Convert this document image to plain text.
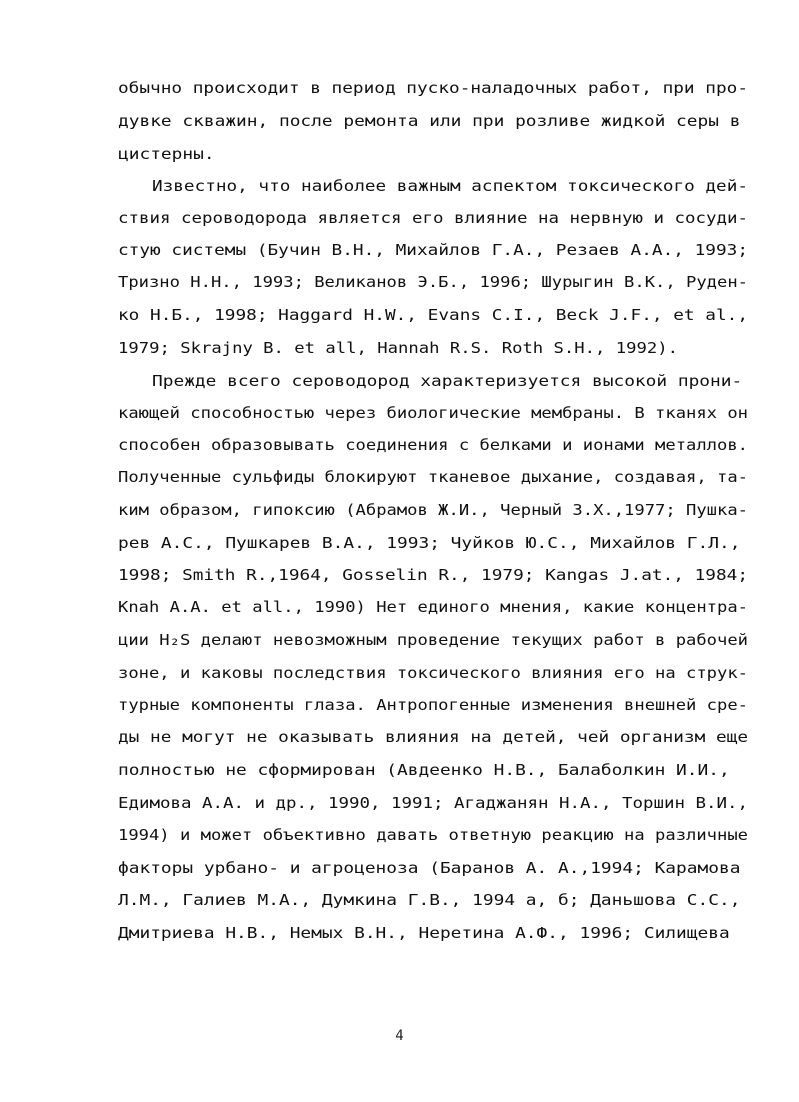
обычно происходит в период пуско-наладочных работ, при про-
дувке скважин, после ремонта или при розливе жидкой серы в
цистерны.
Известно, что наиболее важным аспектом токсического дей-
ствия сероводорода является его влияние на нервную и сосуди-
стую системы (Бучин В.Н., Михайлов Г.А., Резаев А.А., 1993;
Тризно Н.Н., 1993; Великанов Э.Б., 1996; Шурыгин В.К., Руден-
ко Н.Б., 1998; Haggard H.W., Evans C.I., Beck J.F., et al.,
1979; Skrajny B. et all, Hannah R.S. Roth S.H., 1992).
Прежде всего сероводород характеризуется высокой прони-
кающей способностью через биологические мембраны. В тканях он
способен образовывать соединения с белками и ионами металлов.
Полученные сульфиды блокируют тканевое дыхание, создавая, та-
ким образом, гипоксию (Абрамов Ж.И., Черный З.Х.,1977; Пушка-
рев А.С., Пушкарев В.А., 1993; Чуйков Ю.С., Михайлов Г.Л.,
1998; Smith R.,1964, Gosselin R., 1979; Kangas J.at., 1984;
Knah A.A. et all., 1990) Нет единого мнения, какие концентра-
ции H₂S делают невозможным проведение текущих работ в рабочей
зоне, и каковы последствия токсического влияния его на струк-
турные компоненты глаза. Антропогенные изменения внешней сре-
ды не могут не оказывать влияния на детей, чей организм еще
полностью не сформирован (Авдеенко Н.В., Балаболкин И.И.,
Едимова А.А. и др., 1990, 1991; Агаджанян Н.А., Торшин В.И.,
1994) и может объективно давать ответную реакцию на различные
факторы урбано- и агроценоза (Баранов А. А.,1994; Карамова
Л.М., Галиев М.А., Думкина Г.В., 1994 а, б; Даньшова С.С.,
Дмитриева Н.В., Немых В.Н., Неретина А.Ф., 1996; Силищева
4
